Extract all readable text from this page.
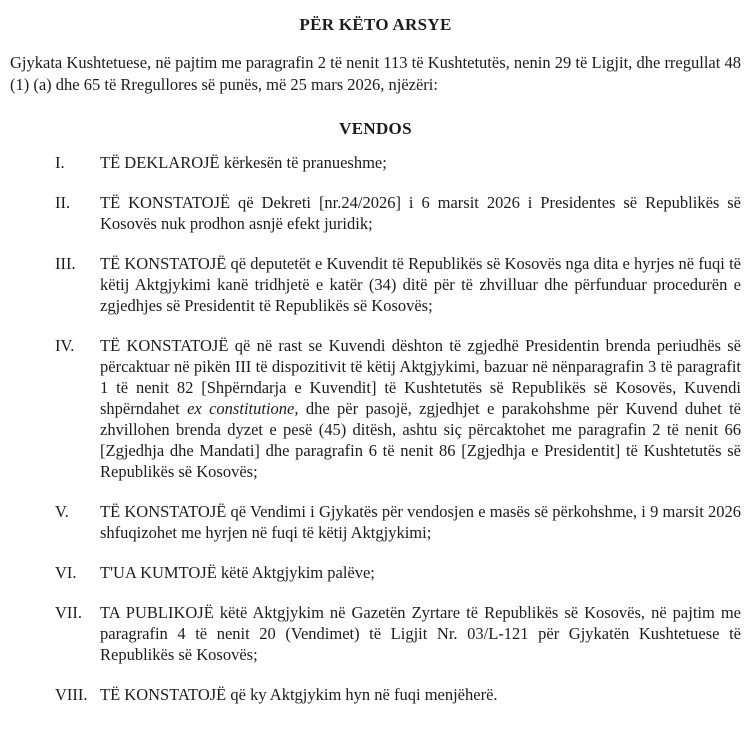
PËR KËTO ARSYE

Gjykata Kushtetuese, në pajtim me paragrafin 2 të nenit 113 të Kushtetutës, nenin 29 të Ligjit, dhe rregullat 48 (1) (a) dhe 65 të Rregullores së punës, më 25 mars 2026, njëzëri:

VENDOS
I.	TË DEKLAROJË kërkesën të pranueshme;
II.	TË KONSTATOJË që Dekreti [nr.24/2026] i 6 marsit 2026 i Presidentes së Republikës së Kosovës nuk prodhon asnjë efekt juridik;
III.	TË KONSTATOJË që deputetët e Kuvendit të Republikës së Kosovës nga dita e hyrjes në fuqi të këtij Aktgjykimi kanë tridhjetë e katër (34) ditë për të zhvilluar dhe përfunduar procedurën e zgjedhjes së Presidentit të Republikës së Kosovës;
IV.	TË KONSTATOJË që në rast se Kuvendi dështon të zgjedhë Presidentin brenda periudhës së përcaktuar në pikën III të dispozitivit të këtij Aktgjykimi, bazuar në nënparagrafin 3 të paragrafit 1 të nenit 82 [Shpërndarja e Kuvendit] të Kushtetutës së Republikës së Kosovës, Kuvendi shpërndahet ex constitutione, dhe për pasojë, zgjedhjet e parakohshme për Kuvend duhet të zhvillohen brenda dyzet e pesë (45) ditësh, ashtu siç përcaktohet me paragrafin 2 të nenit 66 [Zgjedhja dhe Mandati] dhe paragrafin 6 të nenit 86 [Zgjedhja e Presidentit] të Kushtetutës së Republikës së Kosovës;
V.	TË KONSTATOJË që Vendimi i Gjykatës për vendosjen e masës së përkohshme, i 9 marsit 2026 shfuqizohet me hyrjen në fuqi të këtij Aktgjykimi;
VI.	T'UA KUMTOJË këtë Aktgjykim palëve;
VII.	TA PUBLIKOJË këtë Aktgjykim në Gazetën Zyrtare të Republikës së Kosovës, në pajtim me paragrafin 4 të nenit 20 (Vendimet) të Ligjit Nr. 03/L-121 për Gjykatën Kushtetuese të Republikës së Kosovës;
VIII. TË KONSTATOJË që ky Aktgjykim hyn në fuqi menjëherë.
